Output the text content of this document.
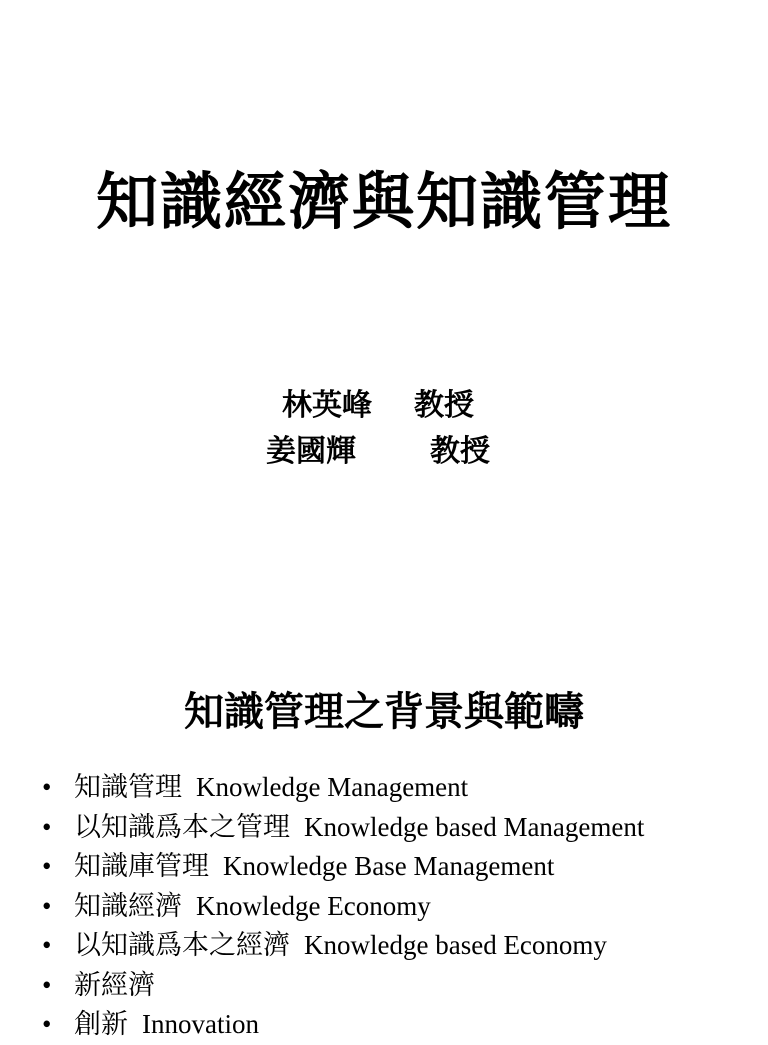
知識經濟與知識管理
林英峰 教授
姜國輝 教授
知識管理之背景與範疇
• 知識管理 Knowledge Management
• 以知識爲本之管理 Knowledge based Management
• 知識庫管理 Knowledge Base Management
• 知識經濟 Knowledge Economy
• 以知識爲本之經濟 Knowledge based Economy
• 新經濟
• 創新 Innovation
